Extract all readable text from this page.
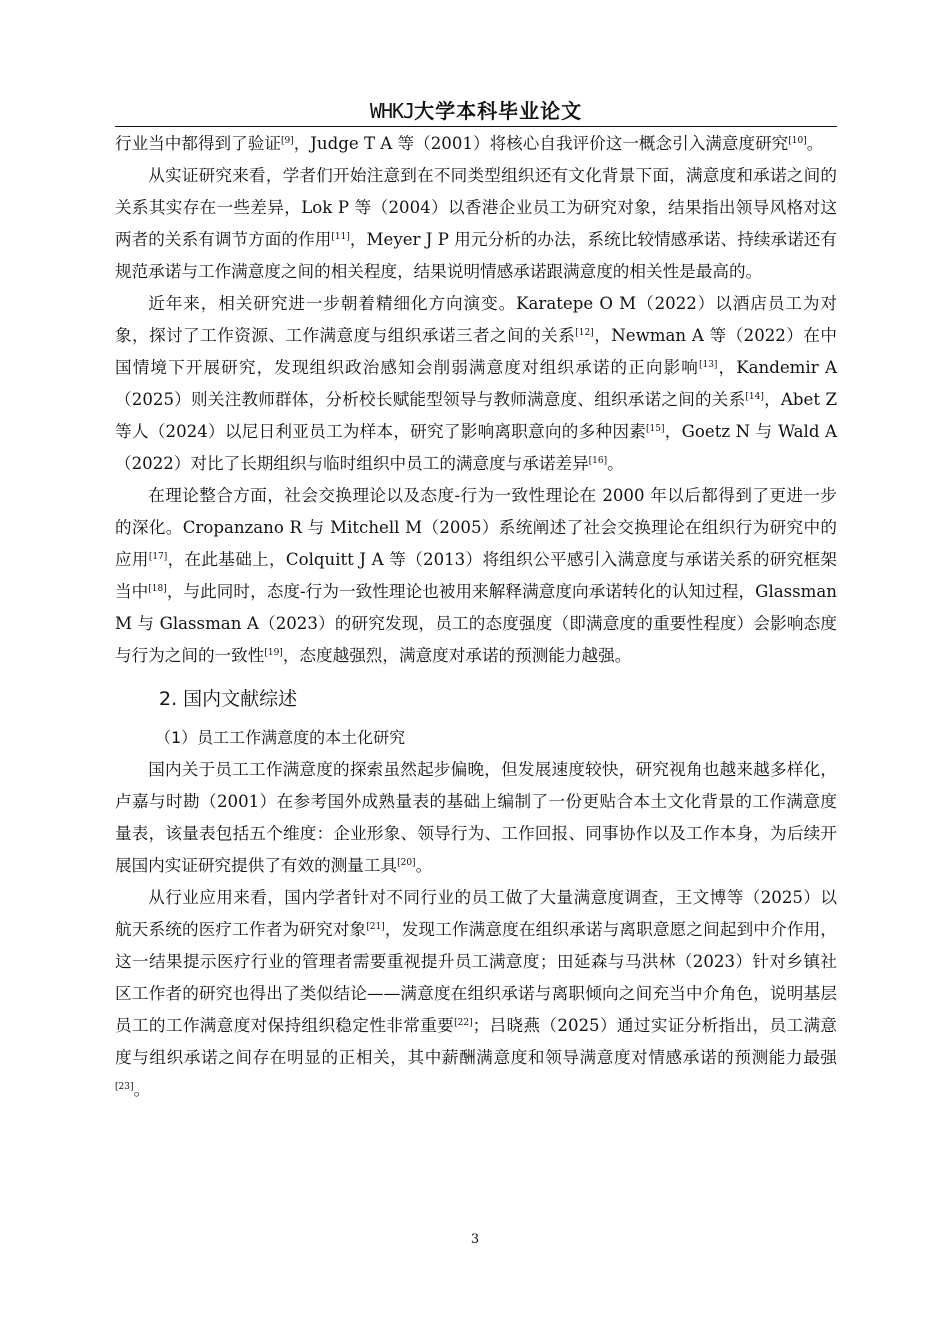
WHKJ大学本科毕业论文

行业当中都得到了验证[9]，Judge T A 等（2001）将核心自我评价这一概念引入满意度研究[10]。

从实证研究来看，学者们开始注意到在不同类型组织还有文化背景下面，满意度和承诺之间的关系其实存在一些差异，Lok P 等（2004）以香港企业员工为研究对象，结果指出领导风格对这两者的关系有调节方面的作用[11]，Meyer J P 用元分析的办法，系统比较情感承诺、持续承诺还有规范承诺与工作满意度之间的相关程度，结果说明情感承诺跟满意度的相关性是最高的。

近年来，相关研究进一步朝着精细化方向演变。Karatepe O M（2022）以酒店员工为对象，探讨了工作资源、工作满意度与组织承诺三者之间的关系[12]，Newman A 等（2022）在中国情境下开展研究，发现组织政治感知会削弱满意度对组织承诺的正向影响[13]，Kandemir A（2025）则关注教师群体，分析校长赋能型领导与教师满意度、组织承诺之间的关系[14]，Abet Z 等人（2024）以尼日利亚员工为样本，研究了影响离职意向的多种因素[15]，Goetz N 与 Wald A（2022）对比了长期组织与临时组织中员工的满意度与承诺差异[16]。

在理论整合方面，社会交换理论以及态度-行为一致性理论在 2000 年以后都得到了更进一步的深化。Cropanzano R 与 Mitchell M（2005）系统阐述了社会交换理论在组织行为研究中的应用[17]，在此基础上，Colquitt J A 等（2013）将组织公平感引入满意度与承诺关系的研究框架当中[18]，与此同时，态度-行为一致性理论也被用来解释满意度向承诺转化的认知过程，Glassman M 与 Glassman A（2023）的研究发现，员工的态度强度（即满意度的重要性程度）会影响态度与行为之间的一致性[19]，态度越强烈，满意度对承诺的预测能力越强。

2. 国内文献综述
（1）员工工作满意度的本土化研究

国内关于员工工作满意度的探索虽然起步偏晚，但发展速度较快，研究视角也越来越多样化，卢嘉与时勘（2001）在参考国外成熟量表的基础上编制了一份更贴合本土文化背景的工作满意度量表，该量表包括五个维度：企业形象、领导行为、工作回报、同事协作以及工作本身，为后续开展国内实证研究提供了有效的测量工具[20]。

从行业应用来看，国内学者针对不同行业的员工做了大量满意度调查，王文博等（2025）以航天系统的医疗工作者为研究对象[21]，发现工作满意度在组织承诺与离职意愿之间起到中介作用，这一结果提示医疗行业的管理者需要重视提升员工满意度；田延森与马洪林（2023）针对乡镇社区工作者的研究也得出了类似结论——满意度在组织承诺与离职倾向之间充当中介角色，说明基层员工的工作满意度对保持组织稳定性非常重要[22]；吕晓燕（2025）通过实证分析指出，员工满意度与组织承诺之间存在明显的正相关，其中薪酬满意度和领导满意度对情感承诺的预测能力最强[23]。

3
